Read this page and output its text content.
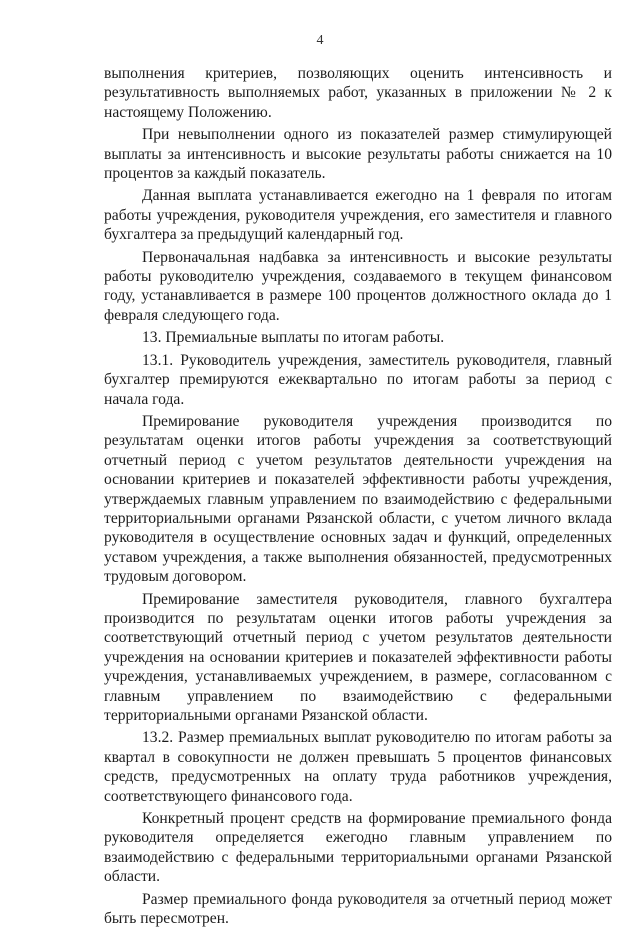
4

выполнения критериев, позволяющих оценить интенсивность и результативность выполняемых работ, указанных в приложении № 2 к настоящему Положению.

При невыполнении одного из показателей размер стимулирующей выплаты за интенсивность и высокие результаты работы снижается на 10 процентов за каждый показатель.

Данная выплата устанавливается ежегодно на 1 февраля по итогам работы учреждения, руководителя учреждения, его заместителя и главного бухгалтера за предыдущий календарный год.

Первоначальная надбавка за интенсивность и высокие результаты работы руководителю учреждения, создаваемого в текущем финансовом году, устанавливается в размере 100 процентов должностного оклада до 1 февраля следующего года.

13. Премиальные выплаты по итогам работы.

13.1. Руководитель учреждения, заместитель руководителя, главный бухгалтер премируются ежеквартально по итогам работы за период с начала года.

Премирование руководителя учреждения производится по результатам оценки итогов работы учреждения за соответствующий отчетный период с учетом результатов деятельности учреждения на основании критериев и показателей эффективности работы учреждения, утверждаемых главным управлением по взаимодействию с федеральными территориальными органами Рязанской области, с учетом личного вклада руководителя в осуществление основных задач и функций, определенных уставом учреждения, а также выполнения обязанностей, предусмотренных трудовым договором.

Премирование заместителя руководителя, главного бухгалтера производится по результатам оценки итогов работы учреждения за соответствующий отчетный период с учетом результатов деятельности учреждения на основании критериев и показателей эффективности работы учреждения, устанавливаемых учреждением, в размере, согласованном с главным управлением по взаимодействию с федеральными территориальными органами Рязанской области.

13.2. Размер премиальных выплат руководителю по итогам работы за квартал в совокупности не должен превышать 5 процентов финансовых средств, предусмотренных на оплату труда работников учреждения, соответствующего финансового года.

Конкретный процент средств на формирование премиального фонда руководителя определяется ежегодно главным управлением по взаимодействию с федеральными территориальными органами Рязанской области.

Размер премиального фонда руководителя за отчетный период может быть пересмотрен.
